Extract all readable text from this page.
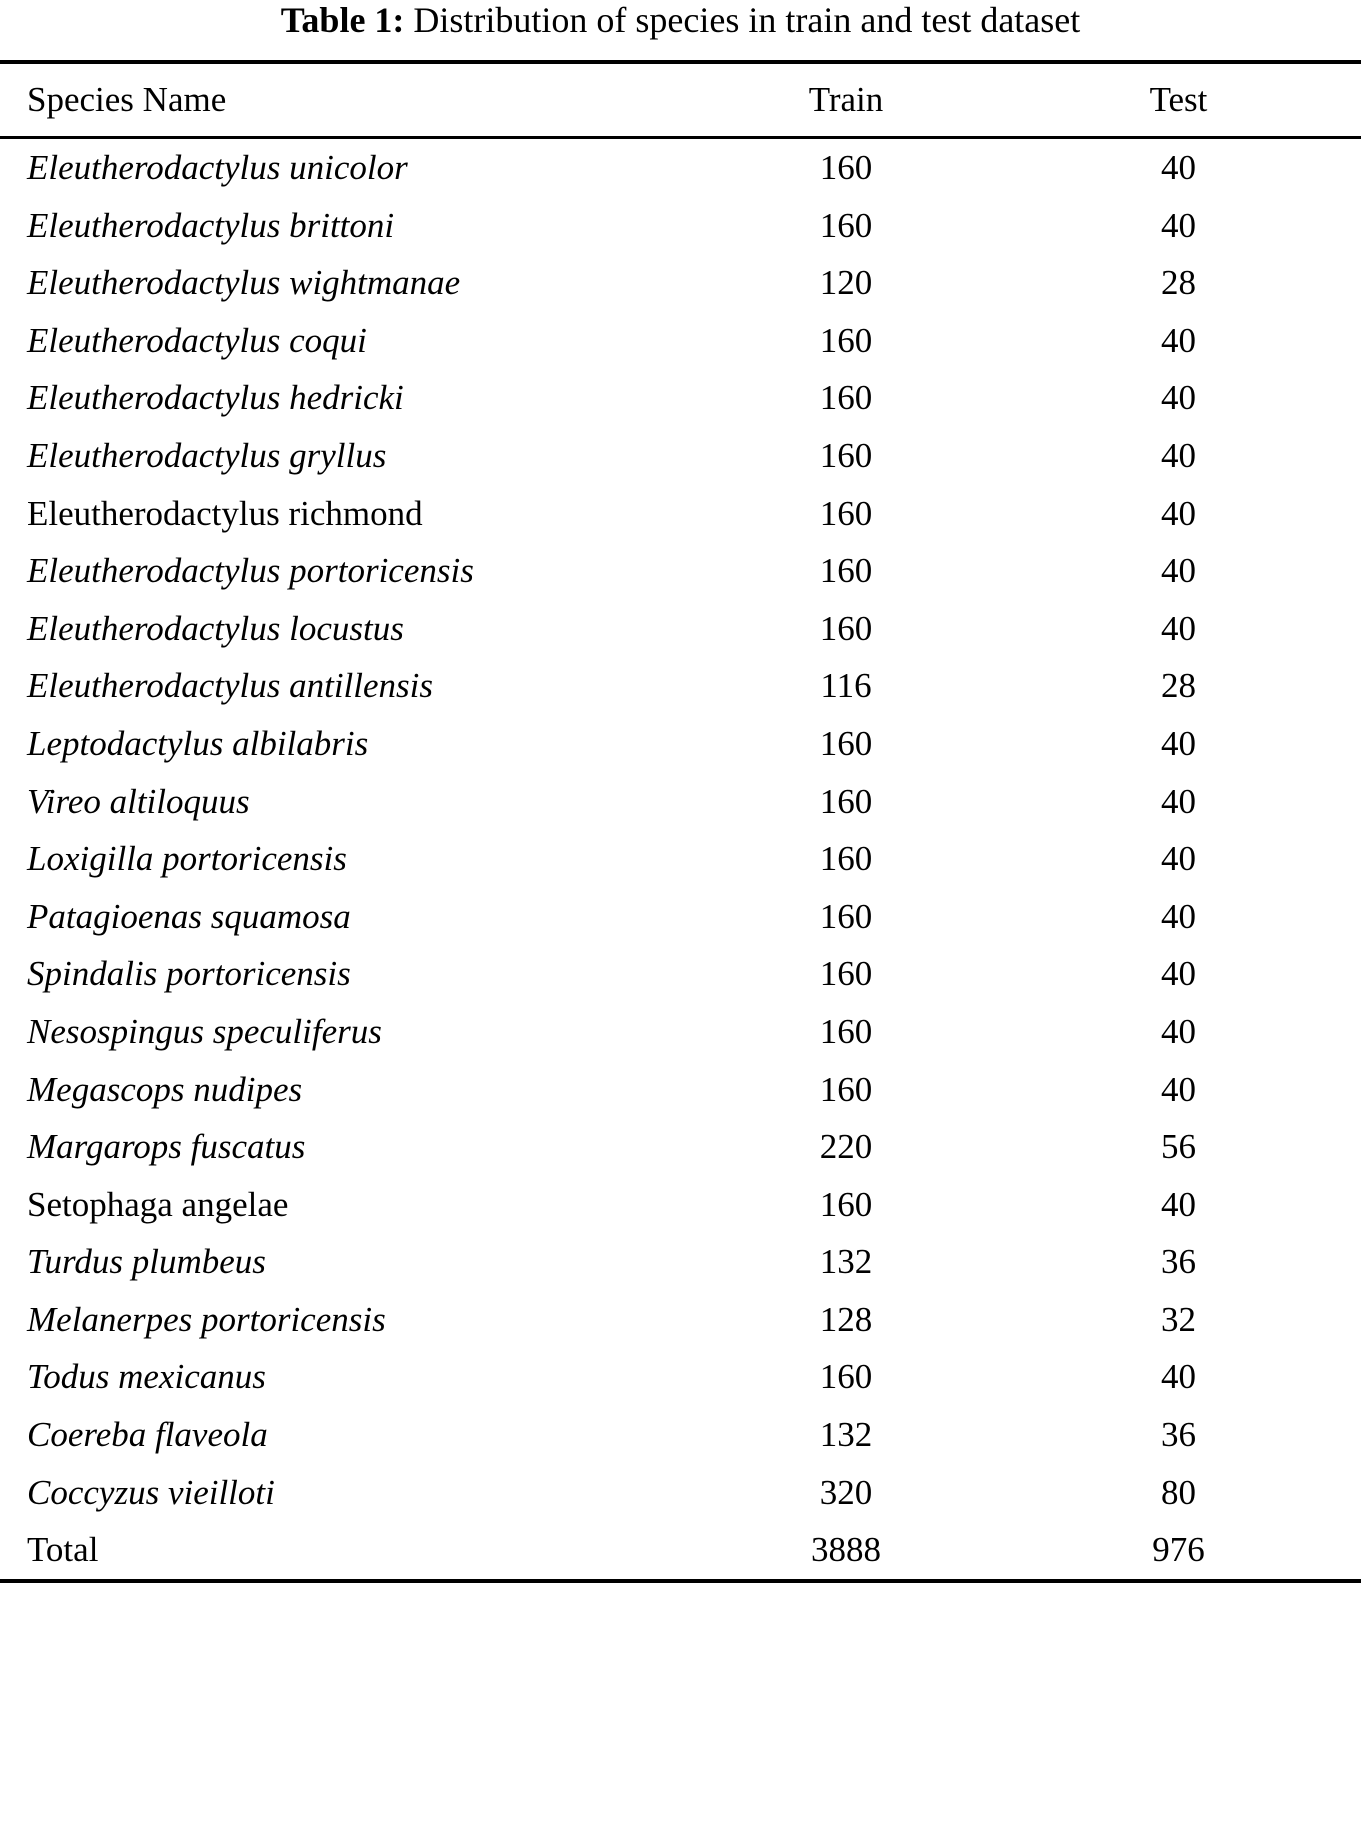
Table 1: Distribution of species in train and test dataset
Species Name	Train	Test
Eleutherodactylus unicolor	160	40
Eleutherodactylus brittoni	160	40
Eleutherodactylus wightmanae	120	28
Eleutherodactylus coqui	160	40
Eleutherodactylus hedricki	160	40
Eleutherodactylus gryllus	160	40
Eleutherodactylus richmond	160	40
Eleutherodactylus portoricensis	160	40
Eleutherodactylus locustus	160	40
Eleutherodactylus antillensis	116	28
Leptodactylus albilabris	160	40
Vireo altiloquus	160	40
Loxigilla portoricensis	160	40
Patagioenas squamosa	160	40
Spindalis portoricensis	160	40
Nesospingus speculiferus	160	40
Megascops nudipes	160	40
Margarops fuscatus	220	56
Setophaga angelae	160	40
Turdus plumbeus	132	36
Melanerpes portoricensis	128	32
Todus mexicanus	160	40
Coereba flaveola	132	36
Coccyzus vieilloti	320	80
Total	3888	976
